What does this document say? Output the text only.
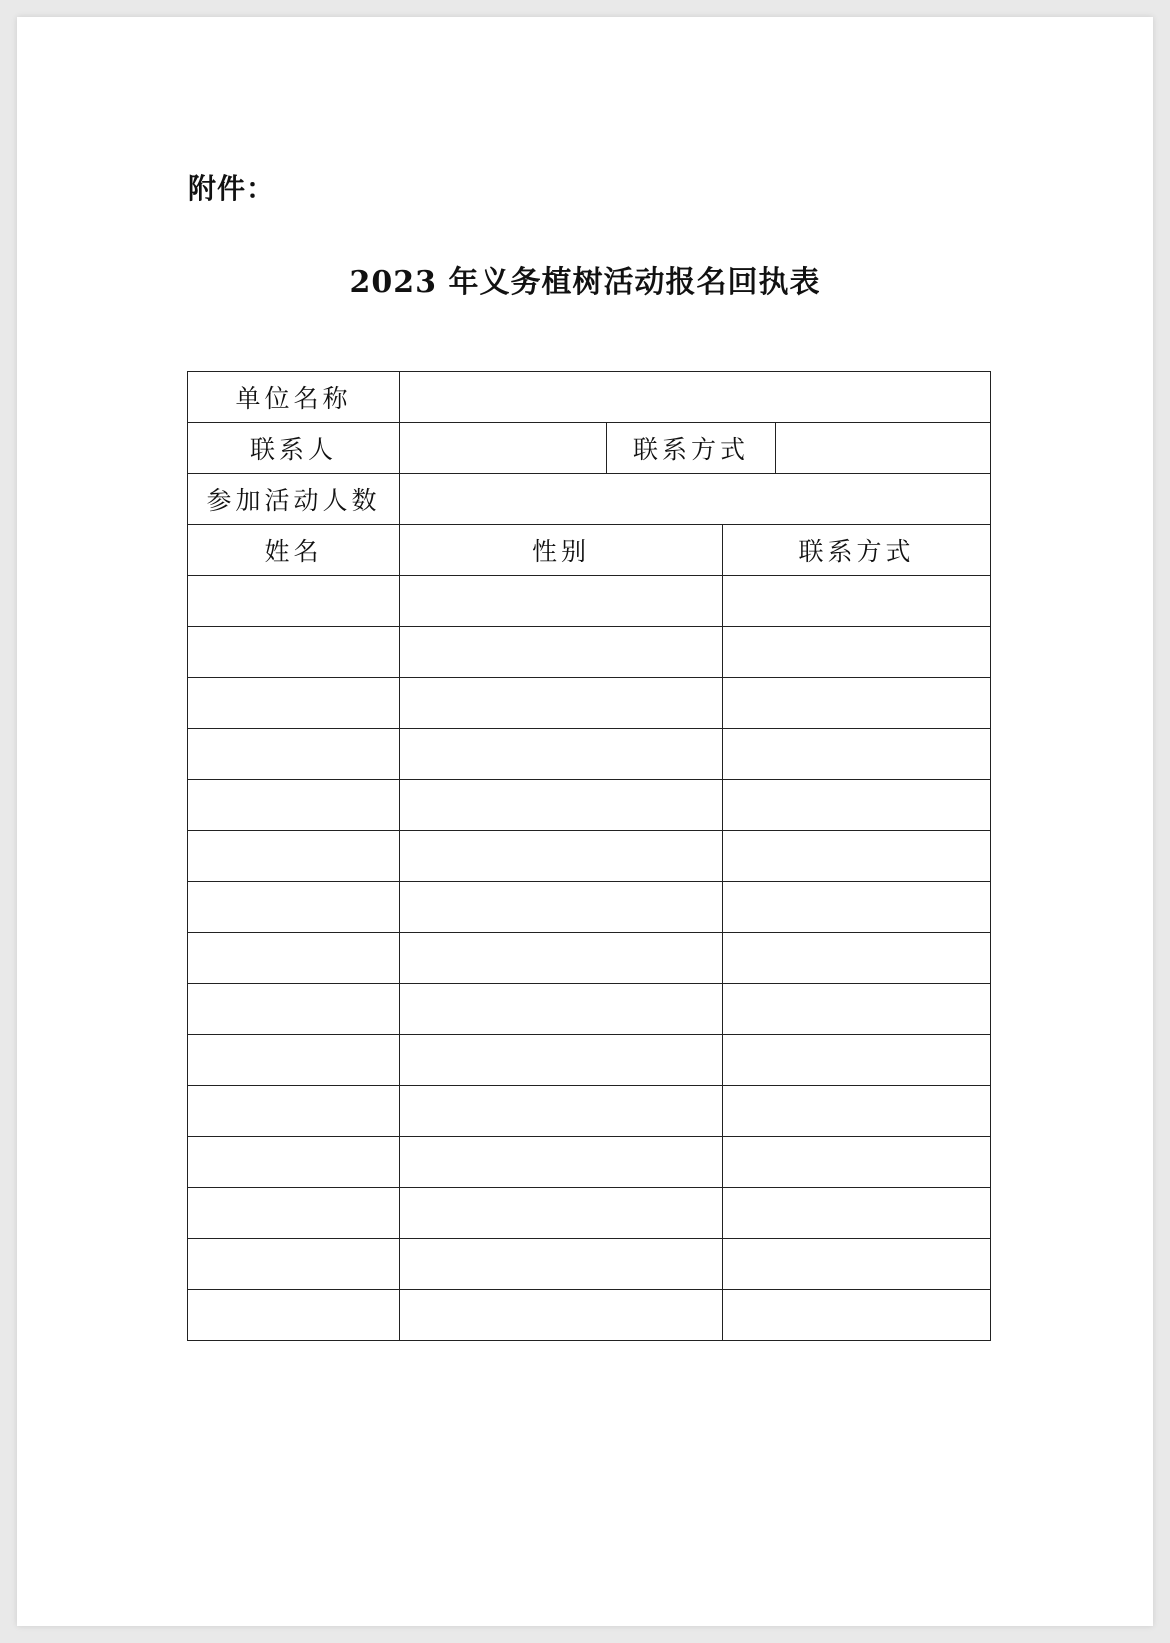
附件：
2023 年义务植树活动报名回执表
单位名称				
联系人		联系方式		
参加活动人数				
姓名	性别		联系方式	
